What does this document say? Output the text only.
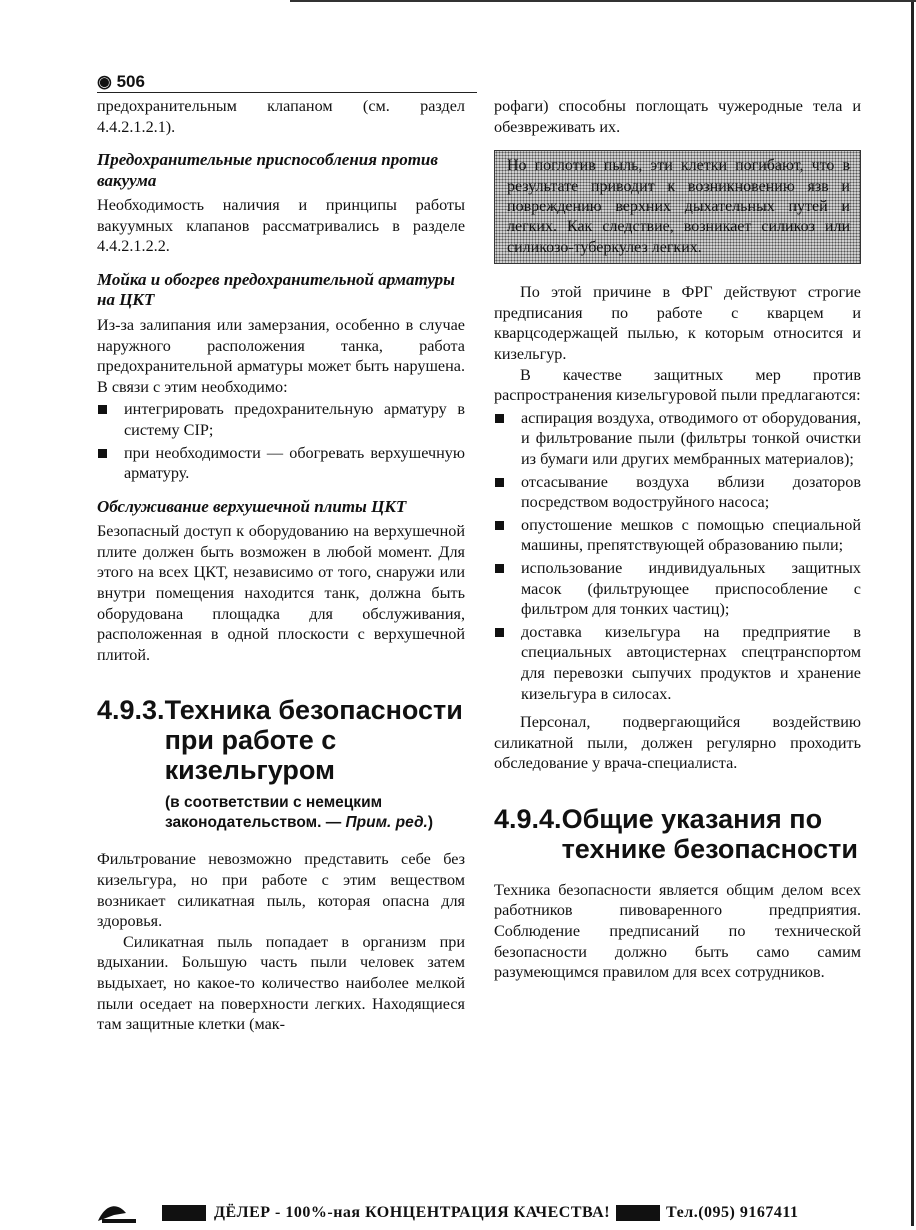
◉ 506

предохранительным клапаном (см. раздел 4.4.2.1.2.1).

Предохранительные приспособления против вакуума

Необходимость наличия и принципы работы вакуумных клапанов рассматривались в разделе 4.4.2.1.2.2.

Мойка и обогрев предохранительной арматуры на ЦКТ

Из-за залипания или замерзания, особенно в случае наружного расположения танка, работа предохранительной арматуры может быть нарушена. В связи с этим необходимо:

интегрировать предохранительную арматуру в систему CIP;
при необходимости — обогревать верхушечную арматуру.
Обслуживание верхушечной плиты ЦКТ

Безопасный доступ к оборудованию на верхушечной плите должен быть возможен в любой момент. Для этого на всех ЦКТ, независимо от того, снаружи или внутри помещения находится танк, должна быть оборудована площадка для обслуживания, расположенная в одной плоскости с верхушечной плитой.

4.9.3. Техника безопасности при работе с кизельгуром
(в соответствии с немецким законодательством. — Прим. ред.)

Фильтрование невозможно представить себе без кизельгура, но при работе с этим веществом возникает силикатная пыль, которая опасна для здоровья.

Силикатная пыль попадает в организм при вдыхании. Большую часть пыли человек затем выдыхает, но какое-то количество наиболее мелкой пыли оседает на поверхности легких. Находящиеся там защитные клетки (мак-

рофаги) способны поглощать чужеродные тела и обезвреживать их.

Но поглотив пыль, эти клетки погибают, что в результате приводит к возникновению язв и повреждению верхних дыхательных путей и легких. Как следствие, возникает силикоз или силикозо-туберкулез легких.

По этой причине в ФРГ действуют строгие предписания по работе с кварцем и кварцсодержащей пылью, к которым относится и кизельгур.

В качестве защитных мер против распространения кизельгуровой пыли предлагаются:

аспирация воздуха, отводимого от оборудования, и фильтрование пыли (фильтры тонкой очистки из бумаги или других мембранных материалов);
отсасывание воздуха вблизи дозаторов посредством водоструйного насоса;
опустошение мешков с помощью специальной машины, препятствующей образованию пыли;
использование индивидуальных защитных масок (фильтрующее приспособление с фильтром для тонких частиц);
доставка кизельгура на предприятие в специальных автоцистернах спецтранспортом для перевозки сыпучих продуктов и хранение кизельгура в силосах.

Персонал, подвергающийся воздействию силикатной пыли, должен регулярно проходить обследование у врача-специалиста.

4.9.4. Общие указания по технике безопасности

Техника безопасности является общим делом всех работников пивоваренного предприятия. Соблюдение предписаний по технической безопасности должно быть само самим разумеющимся правилом для всех сотрудников.

ДЁЛЕР - 100%-ная КОНЦЕНТРАЦИЯ КАЧЕСТВА!	Тел.(095) 9167411
